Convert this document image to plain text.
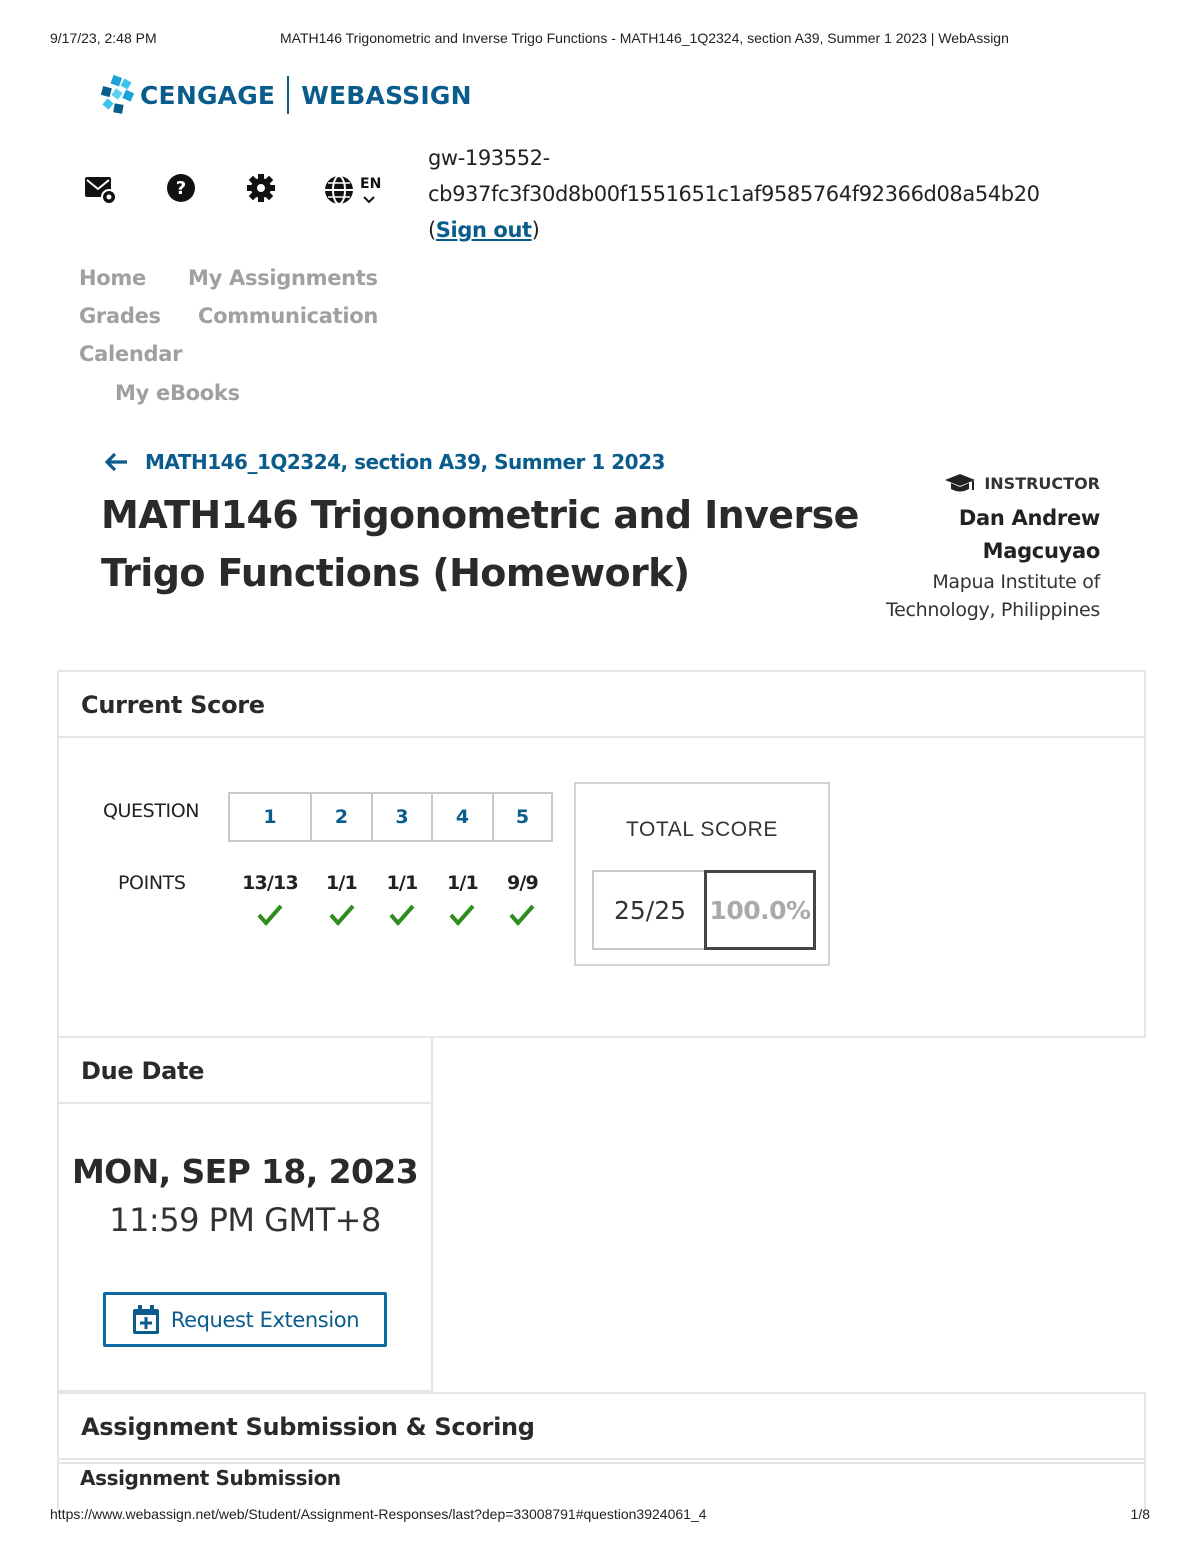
9/17/23, 2:48 PM	MATH146 Trigonometric and Inverse Trigo Functions - MATH146_1Q2324, section A39, Summer 1 2023 | WebAssign
CENGAGE WEBASSIGN
?	EN
gw-193552-
cb937fc3f30d8b00f1551651c1af9585764f92366d08a54b20
(Sign out)
Home My Assignments
Grades Communication
Calendar
My eBooks
MATH146_1Q2324, section A39, Summer 1 2023
MATH146 Trigonometric and Inverse
Trigo Functions (Homework)
INSTRUCTOR
Dan Andrew
Magcuyao
Mapua Institute of
Technology, Philippines
Current Score
QUESTION
POINTS
1	2	3	4	5
13/13	1/1	1/1	1/1	9/9
TOTAL SCORE
25/25 100.0%
Due Date
MON, SEP 18, 2023
11:59 PM GMT+8
Request Extension
Assignment Submission & Scoring
Assignment Submission
https://www.webassign.net/web/Student/Assignment-Responses/last?dep=33008791#question3924061_4	1/8
